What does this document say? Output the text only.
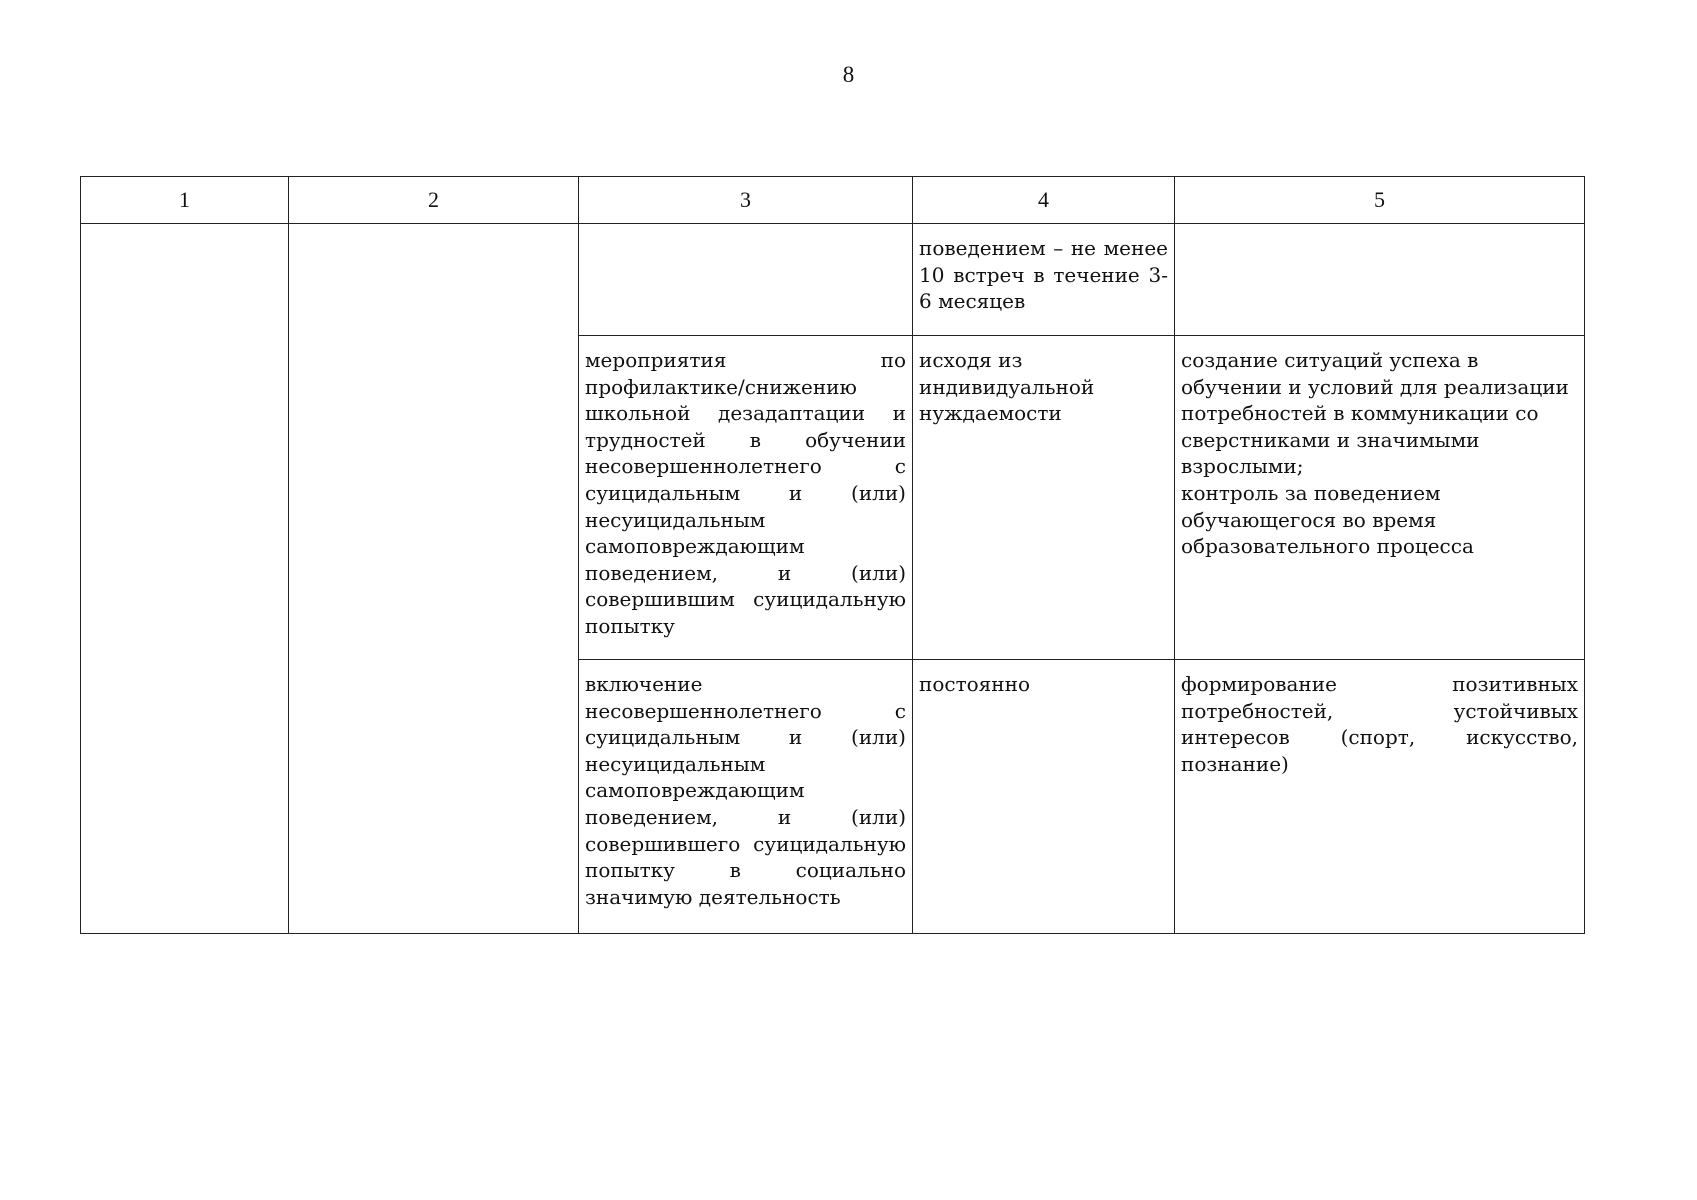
8
1	2	3	4	5
			поведением – не менее 10 встреч в течение 3-6 месяцев	
		мероприятия по профилактике/снижению школьной дезадаптации и трудностей в обучении несовершеннолетнего с суицидальным и (или) несуицидальным самоповреждающим поведением, и (или) совершившим суицидальную попытку	исходя из индивидуальной нуждаемости	создание ситуаций успеха в обучении и условий для реализации потребностей в коммуникации со сверстниками и значимыми взрослыми;
контроль за поведением обучающегося во время образовательного процесса

		включение несовершеннолетнего с суицидальным и (или) несуицидальным самоповреждающим поведением, и (или) совершившего суицидальную попытку в социально значимую деятельность	постоянно	формирование позитивных потребностей, устойчивых интересов (спорт, искусство, познание)
